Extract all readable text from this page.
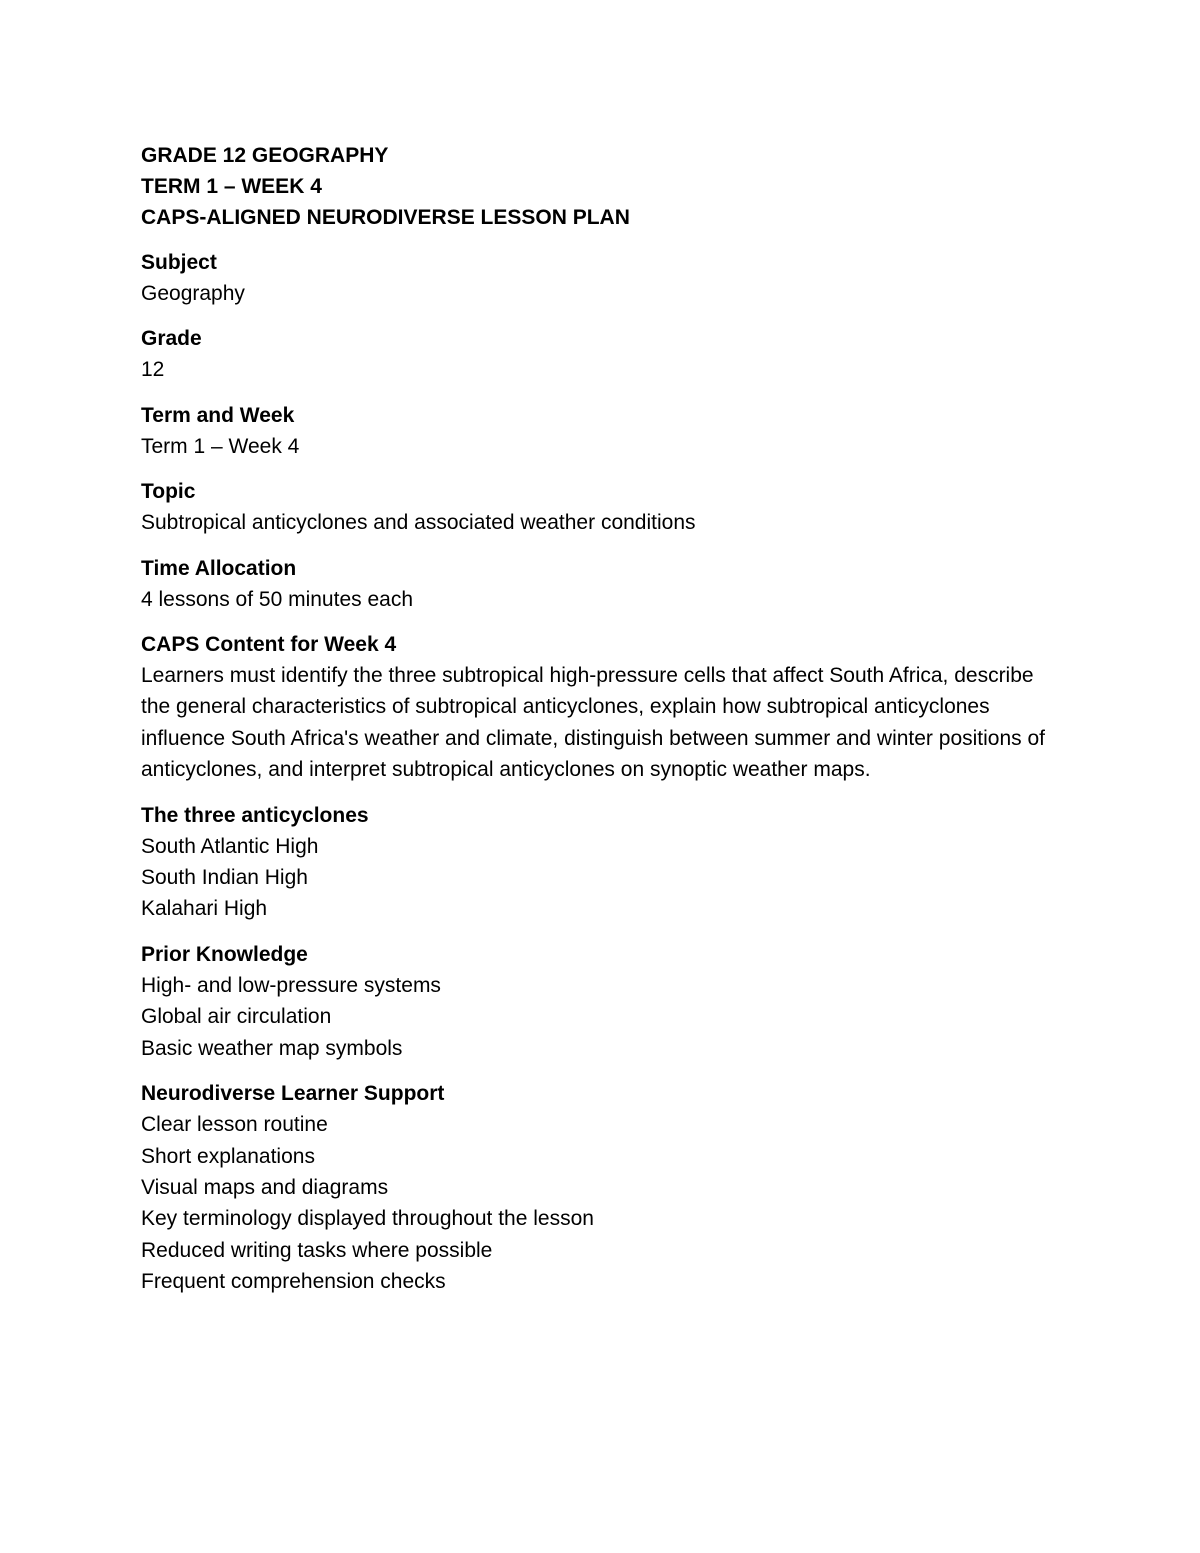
GRADE 12 GEOGRAPHY
TERM 1 – WEEK 4
CAPS-ALIGNED NEURODIVERSE LESSON PLAN
Subject
Geography
Grade
12
Term and Week
Term 1 – Week 4
Topic
Subtropical anticyclones and associated weather conditions
Time Allocation
4 lessons of 50 minutes each
CAPS Content for Week 4
Learners must identify the three subtropical high-pressure cells that affect South Africa, describe the general characteristics of subtropical anticyclones, explain how subtropical anticyclones influence South Africa's weather and climate, distinguish between summer and winter positions of anticyclones, and interpret subtropical anticyclones on synoptic weather maps.
The three anticyclones
South Atlantic High
South Indian High
Kalahari High
Prior Knowledge
High- and low-pressure systems
Global air circulation
Basic weather map symbols
Neurodiverse Learner Support
Clear lesson routine
Short explanations
Visual maps and diagrams
Key terminology displayed throughout the lesson
Reduced writing tasks where possible
Frequent comprehension checks
